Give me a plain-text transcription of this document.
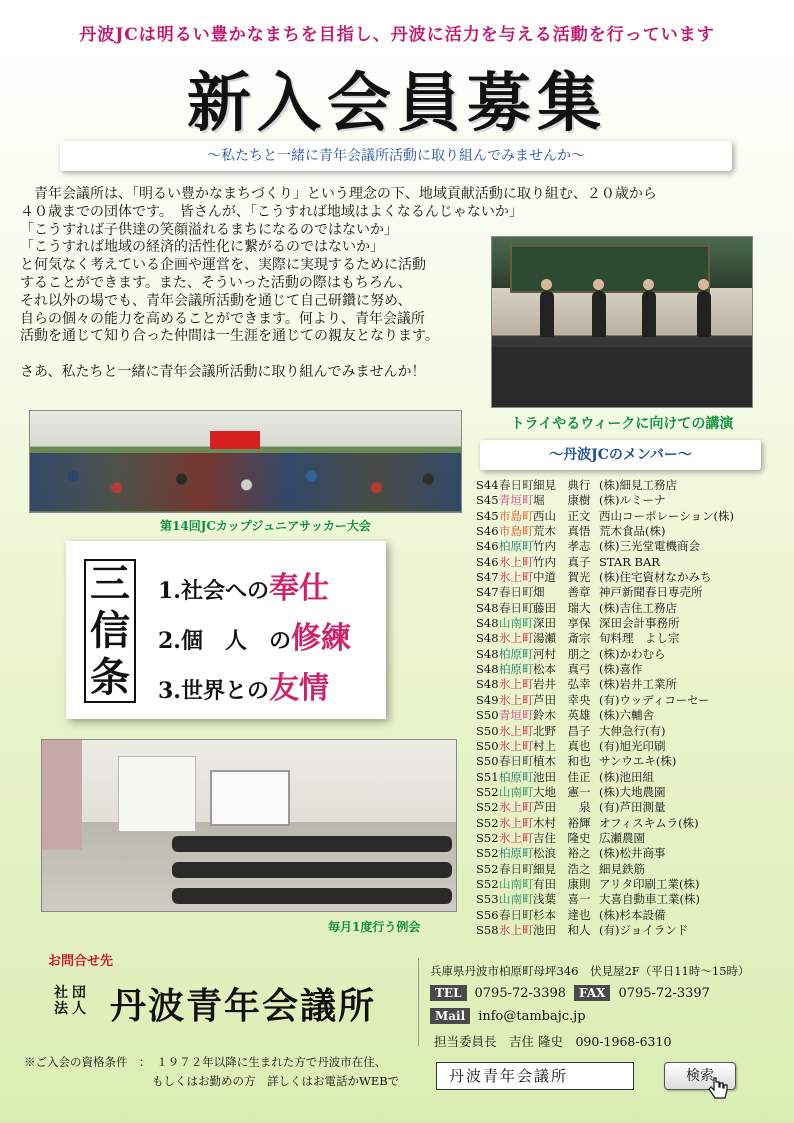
丹波JCは明るい豊かなまちを目指し、丹波に活力を与える活動を行っています
新入会員募集
～私たちと一緒に青年会議所活動に取り組んでみませんか～

　青年会議所は、「明るい豊かなまちづくり」という理念の下、地域貢献活動に取り組む、２０歳から

４０歳までの団体です。　皆さんが、「こうすれば地域はよくなるんじゃないか」

「こうすれば子供達の笑顔溢れるまちになるのではないか」

「こうすれば地域の経済的活性化に繋がるのではないか」

と何気なく考えている企画や運営を、実際に実現するために活動

することができます。また、そういった活動の際はもちろん、

それ以外の場でも、青年会議所活動を通じて自己研鑽に努め、

自らの個々の能力を高めることができます。何より、青年会議所

活動を通じて知り合った仲間は一生涯を通じての親友となります。

さあ、私たちと一緒に青年会議所活動に取り組んでみませんか！

トライやるウィークに向けての講演
第14回JCカップジュニアサッカー大会
～丹波JCのメンバー～
S44 春日町 細見　典行 (株)細見工務店
S45 青垣町 堀　　康樹 (株)ルミーナ
S45 市島町 西山　正文 西山コーポレーション(株)
S46 市島町 荒木　真悟 荒木食品(株)
S46 柏原町 竹内　孝志 (株)三光堂電機商会
S46 氷上町 竹内　真子 STAR BAR
S47 氷上町 中道　賀光 (株)住宅資材なかみち
S47 春日町 畑　　善章 神戸新聞春日専売所
S48 春日町 藤田　瑞大 (株)吉住工務店
S48 山南町 深田　享保 深田会計事務所
S48 氷上町 湯瀬　斎宗 旬料理　よし宗
S48 柏原町 河村　朋之 (株)かわむら
S48 柏原町 松本　真弓 (株)喜作
S48 氷上町 岩井　弘幸 (株)岩井工業所
S49 氷上町 芦田　幸央 (有)ウッディコーセー
S50 青垣町 鈴木　英雄 (株)六輔舎
S50 氷上町 北野　昌子 大伸急行(有)
S50 氷上町 村上　真也 (有)旭光印刷
S50 春日町 植木　和也 サンウエキ(株)
S51 柏原町 池田　佳正 (株)池田組
S52 山南町 大地　憲一 (株)大地農園
S52 氷上町 芦田　　泉 (有)芦田測量
S52 氷上町 木村　裕輝 オフィスキムラ(株)
S52 氷上町 吉住　隆史 広瀬農園
S52 柏原町 松浪　裕之 (株)松井商事
S52 春日町 細見　浩之 細見鉄筋
S52 山南町 有田　康則 アリタ印刷工業(株)
S53 山南町 浅葉　喜一 大喜自動車工業(株)
S56 春日町 杉本　達也 (株)杉本設備
S58 氷上町 池田　和人 (有)ジョイランド
三
信
条
1.社会への奉仕
2.個　人　の修練
3.世界との友情
毎月1度行う例会
お問合せ先
社団法人 丹波青年会議所
兵庫県丹波市柏原町母坪346　伏見屋2F（平日11時～15時）
TEL	0795-72-3398	FAX	0795-72-3397
Mail	info@tambajc.jp
担当委員長　吉住 隆史　090-1968-6310
※ご入会の資格条件　：　１９７２年以降に生まれた方で丹波市在住、
もしくはお勤めの方　詳しくはお電話かWEBで	丹波青年会議所	検索
